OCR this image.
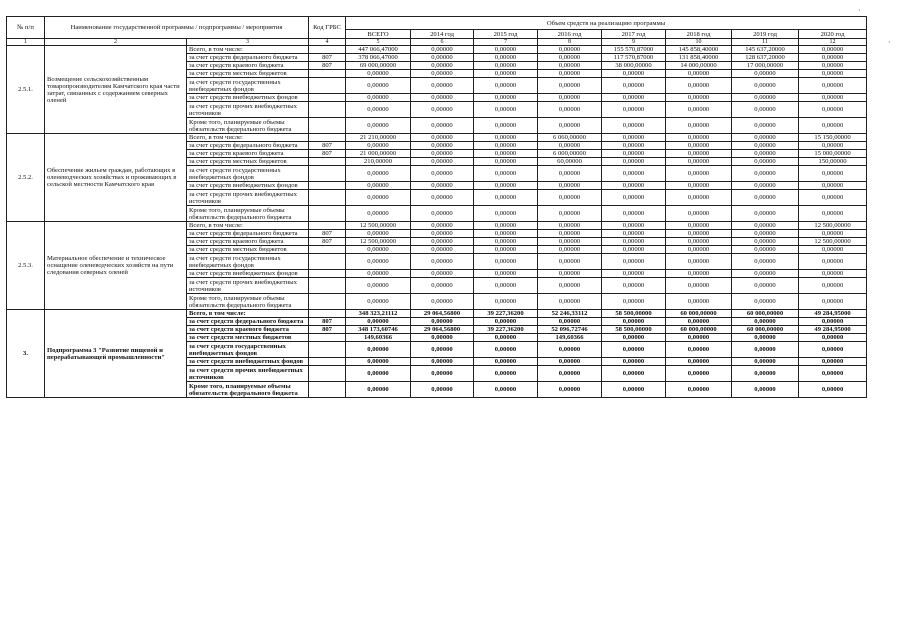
№ п/п	Наименование государственной программы / подпрограммы / мероприятия		Код ГРБС	Объем средств на реализацию программы							
				ВСЕГО	2014 год	2015 год	2016 год	2017 год	2018 год	2019 год	2020 год
1	2	3	4	5	6	7	8	9	10	11	12
2.5.1.	Возмещение сельскохозяйственным товаропроизводителям Камчатского края части затрат, связанных с содержанием северных оленей	Всего, в том числе:		447 066,47000	0,00000	0,00000	0,00000	155 570,87000	145 858,40000	145 637,20000	0,00000
		за счет средств федерального бюджета	807	378 066,47000	0,00000	0,00000	0,00000	117 570,87000	131 858,40000	128 637,20000	0,00000
		за счет средств краевого бюджета	807	69 000,00000	0,00000	0,00000	0,00000	38 000,00000	14 000,00000	17 000,00000	0,00000
		за счет средств местных бюджетов		0,00000	0,00000	0,00000	0,00000	0,00000	0,00000	0,00000	0,00000
		за счет средств государственных внебюджетных фондов		0,00000	0,00000	0,00000	0,00000	0,00000	0,00000	0,00000	0,00000
		за счет средств внебюджетных фондов		0,00000	0,00000	0,00000	0,00000	0,00000	0,00000	0,00000	0,00000
		за счет средств прочих внебюджетных источников		0,00000	0,00000	0,00000	0,00000	0,00000	0,00000	0,00000	0,00000
		Кроме того, планируемые объемы обязательств федерального бюджета		0,00000	0,00000	0,00000	0,00000	0,00000	0,00000	0,00000	0,00000
2.5.2.	Обеспечение жильем граждан, работающих в оленеводческих хозяйствах и проживающих в сельской местности Камчатского края	Всего, в том числе:		21 210,00000	0,00000	0,00000	6 060,00000	0,00000	0,00000	0,00000	15 150,00000
		за счет средств федерального бюджета	807	0,00000	0,00000	0,00000	0,00000	0,00000	0,00000	0,00000	0,00000
		за счет средств краевого бюджета	807	21 000,00000	0,00000	0,00000	6 000,00000	0,00000	0,00000	0,00000	15 000,00000
		за счет средств местных бюджетов		210,00000	0,00000	0,00000	60,00000	0,00000	0,00000	0,00000	150,00000
		за счет средств государственных внебюджетных фондов		0,00000	0,00000	0,00000	0,00000	0,00000	0,00000	0,00000	0,00000
		за счет средств внебюджетных фондов		0,00000	0,00000	0,00000	0,00000	0,00000	0,00000	0,00000	0,00000
		за счет средств прочих внебюджетных источников		0,00000	0,00000	0,00000	0,00000	0,00000	0,00000	0,00000	0,00000
		Кроме того, планируемые объемы обязательств федерального бюджета		0,00000	0,00000	0,00000	0,00000	0,00000	0,00000	0,00000	0,00000
2.5.3.	Материальное обеспечение и техническое оснащение оленеводческих хозяйств на пути следования северных оленей	Всего, в том числе:		12 500,00000	0,00000	0,00000	0,00000	0,00000	0,00000	0,00000	12 500,00000
		за счет средств федерального бюджета	807	0,00000	0,00000	0,00000	0,00000	0,00000	0,00000	0,00000	0,00000
		за счет средств краевого бюджета	807	12 500,00000	0,00000	0,00000	0,00000	0,00000	0,00000	0,00000	12 500,00000
		за счет средств местных бюджетов		0,00000	0,00000	0,00000	0,00000	0,00000	0,00000	0,00000	0,00000
		за счет средств государственных внебюджетных фондов		0,00000	0,00000	0,00000	0,00000	0,00000	0,00000	0,00000	0,00000
		за счет средств внебюджетных фондов		0,00000	0,00000	0,00000	0,00000	0,00000	0,00000	0,00000	0,00000
		за счет средств прочих внебюджетных источников		0,00000	0,00000	0,00000	0,00000	0,00000	0,00000	0,00000	0,00000
		Кроме того, планируемые объемы обязательств федерального бюджета		0,00000	0,00000	0,00000	0,00000	0,00000	0,00000	0,00000	0,00000
3.	Подпрограмма 3 "Развитие пищевой и перерабатывающей промышленности"	Всего, в том числе:		348 323,21112	29 064,56800	39 227,36200	52 246,33112	58 500,00000	60 000,00000	60 000,00000	49 284,95000
		за счет средств федерального бюджета	807	0,00000	0,00000	0,00000	0,00000	0,00000	0,00000	0,00000	0,00000
		за счет средств краевого бюджета	807	348 173,60746	29 064,56800	39 227,36200	52 096,72746	58 500,00000	60 000,00000	60 000,00000	49 284,95000
		за счет средств местных бюджетов		149,60366	0,00000	0,00000	149,60366	0,00000	0,00000	0,00000	0,00000
		за счет средств государственных внебюджетных фондов		0,00000	0,00000	0,00000	0,00000	0,00000	0,00000	0,00000	0,00000
		за счет средств внебюджетных фондов		0,00000	0,00000	0,00000	0,00000	0,00000	0,00000	0,00000	0,00000
		за счет средств прочих внебюджетных источников		0,00000	0,00000	0,00000	0,00000	0,00000	0,00000	0,00000	0,00000
		Кроме того, планируемые объемы обязательств федерального бюджета		0,00000	0,00000	0,00000	0,00000	0,00000	0,00000	0,00000	0,00000
·
·
